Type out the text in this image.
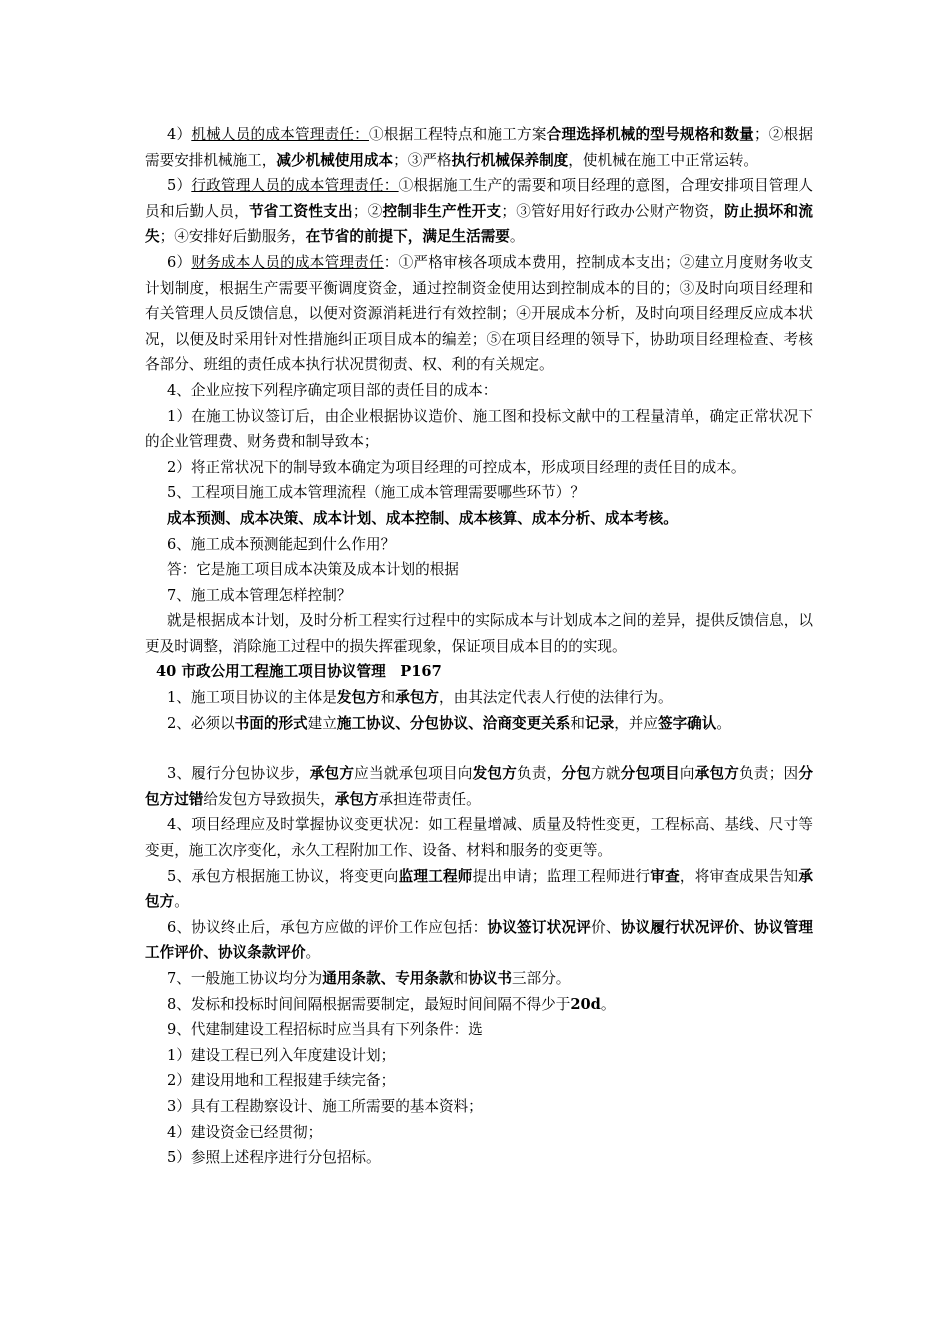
4）机械人员的成本管理责任：①根据工程特点和施工方案合理选择机械的型号规格和数量；②根据需要安排机械施工，减少机械使用成本；③严格执行机械保养制度，使机械在施工中正常运转。

5）行政管理人员的成本管理责任：①根据施工生产的需要和项目经理的意图，合理安排项目管理人员和后勤人员，节省工资性支出；②控制非生产性开支；③管好用好行政办公财产物资，防止损坏和流失；④安排好后勤服务，在节省的前提下，满足生活需要。

6）财务成本人员的成本管理责任：①严格审核各项成本费用，控制成本支出；②建立月度财务收支计划制度，根据生产需要平衡调度资金，通过控制资金使用达到控制成本的目的；③及时向项目经理和有关管理人员反馈信息，以便对资源消耗进行有效控制；④开展成本分析，及时向项目经理反应成本状况，以便及时采用针对性措施纠正项目成本的编差；⑤在项目经理的领导下，协助项目经理检查、考核各部分、班组的责任成本执行状况贯彻责、权、利的有关规定。

4、企业应按下列程序确定项目部的责任目的成本：

1）在施工协议签订后，由企业根据协议造价、施工图和投标文献中的工程量清单，确定正常状况下的企业管理费、财务费和制导致本；

2）将正常状况下的制导致本确定为项目经理的可控成本，形成项目经理的责任目的成本。

5、工程项目施工成本管理流程（施工成本管理需要哪些环节）？

成本预测、成本决策、成本计划、成本控制、成本核算、成本分析、成本考核。

6、施工成本预测能起到什么作用？

答：它是施工项目成本决策及成本计划的根据

7、施工成本管理怎样控制？

就是根据成本计划，及时分析工程实行过程中的实际成本与计划成本之间的差异，提供反馈信息，以更及时调整，消除施工过程中的损失挥霍现象，保证项目成本目的的实现。

40 市政公用工程施工项目协议管理　P167

1、施工项目协议的主体是发包方和承包方，由其法定代表人行使的法律行为。

2、必须以书面的形式建立施工协议、分包协议、洽商变更关系和记录，并应签字确认。

3、履行分包协议步，承包方应当就承包项目向发包方负责，分包方就分包项目向承包方负责；因分包方过错给发包方导致损失，承包方承担连带责任。

4、项目经理应及时掌握协议变更状况：如工程量增减、质量及特性变更，工程标高、基线、尺寸等变更，施工次序变化，永久工程附加工作、设备、材料和服务的变更等。

5、承包方根据施工协议，将变更向监理工程师提出申请；监理工程师进行审查，将审查成果告知承包方。

6、协议终止后，承包方应做的评价工作应包括：协议签订状况评价、协议履行状况评价、协议管理工作评价、协议条款评价。

7、一般施工协议均分为通用条款、专用条款和协议书三部分。

8、发标和投标时间间隔根据需要制定，最短时间间隔不得少于20d。

9、代建制建设工程招标时应当具有下列条件：选

1）建设工程已列入年度建设计划；

2）建设用地和工程报建手续完备；

3）具有工程勘察设计、施工所需要的基本资料；

4）建设资金已经贯彻；

5）参照上述程序进行分包招标。
